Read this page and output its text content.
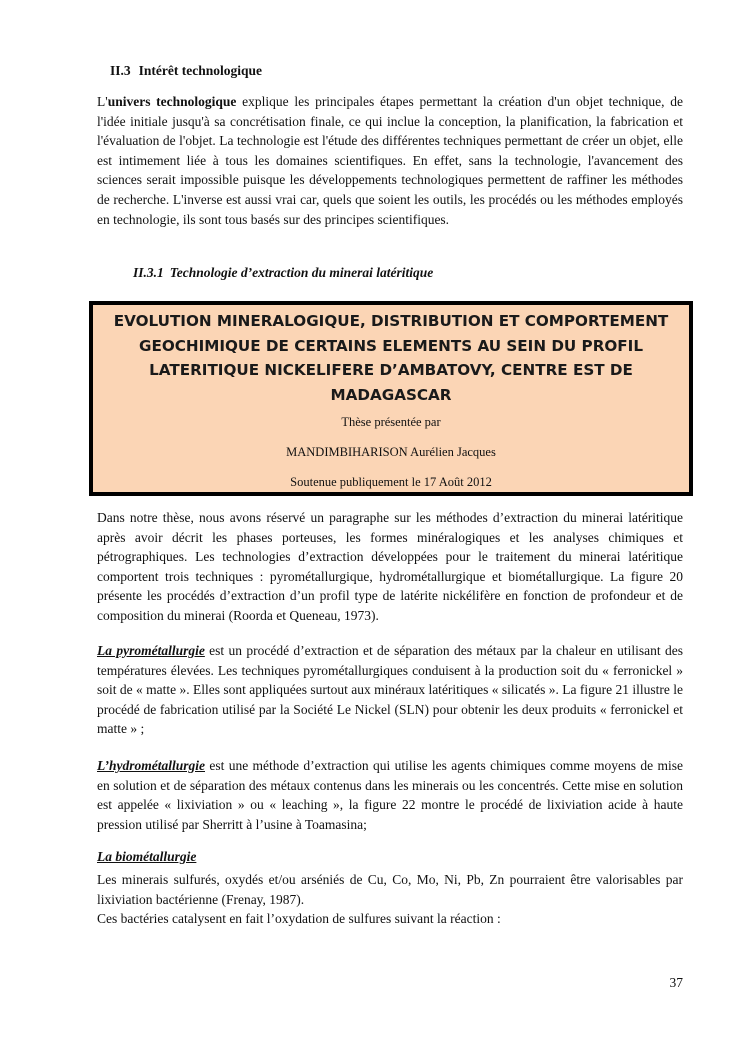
II.3 Intérêt technologique

L'univers technologique explique les principales étapes permettant la création d'un objet technique, de l'idée initiale jusqu'à sa concrétisation finale, ce qui inclue la conception, la planification, la fabrication et l'évaluation de l'objet. La technologie est l'étude des différentes techniques permettant de créer un objet, elle est intimement liée à tous les domaines scientifiques. En effet, sans la technologie, l'avancement des sciences serait impossible puisque les développements technologiques permettent de raffiner les méthodes de recherche. L'inverse est aussi vrai car, quels que soient les outils, les procédés ou les méthodes employés en technologie, ils sont tous basés sur des principes scientifiques.

II.3.1 Technologie d’extraction du minerai latéritique
EVOLUTION MINERALOGIQUE, DISTRIBUTION ET COMPORTEMENT GEOCHIMIQUE DE CERTAINS ELEMENTS AU SEIN DU PROFIL LATERITIQUE NICKELIFERE D’AMBATOVY, CENTRE EST DE MADAGASCAR

Thèse présentée par

MANDIMBIHARISON Aurélien Jacques

Soutenue publiquement le 17 Août 2012

Dans notre thèse, nous avons réservé un paragraphe sur les méthodes d’extraction du minerai latéritique après avoir décrit les phases porteuses, les formes minéralogiques et les analyses chimiques et pétrographiques. Les technologies d’extraction développées pour le traitement du minerai latéritique comportent trois techniques : pyrométallurgique, hydrométallurgique et biométallurgique. La figure 20 présente les procédés d’extraction d’un profil type de latérite nickélifère en fonction de profondeur et de composition du minerai (Roorda et Queneau, 1973).

La pyrométallurgie est un procédé d’extraction et de séparation des métaux par la chaleur en utilisant des températures élevées. Les techniques pyrométallurgiques conduisent à la production soit du « ferronickel » soit de « matte ». Elles sont appliquées surtout aux minéraux latéritiques « silicatés ». La figure 21 illustre le procédé de fabrication utilisé par la Société Le Nickel (SLN) pour obtenir les deux produits « ferronickel et matte » ;

L’hydrométallurgie est une méthode d’extraction qui utilise les agents chimiques comme moyens de mise en solution et de séparation des métaux contenus dans les minerais ou les concentrés. Cette mise en solution est appelée « lixiviation » ou « leaching », la figure 22 montre le procédé de lixiviation acide à haute pression utilisé par Sherritt à l’usine à Toamasina;

La biométallurgie

Les minerais sulfurés, oxydés et/ou arséniés de Cu, Co, Mo, Ni, Pb, Zn pourraient être valorisables par lixiviation bactérienne (Frenay, 1987).
Ces bactéries catalysent en fait l’oxydation de sulfures suivant la réaction :

37
